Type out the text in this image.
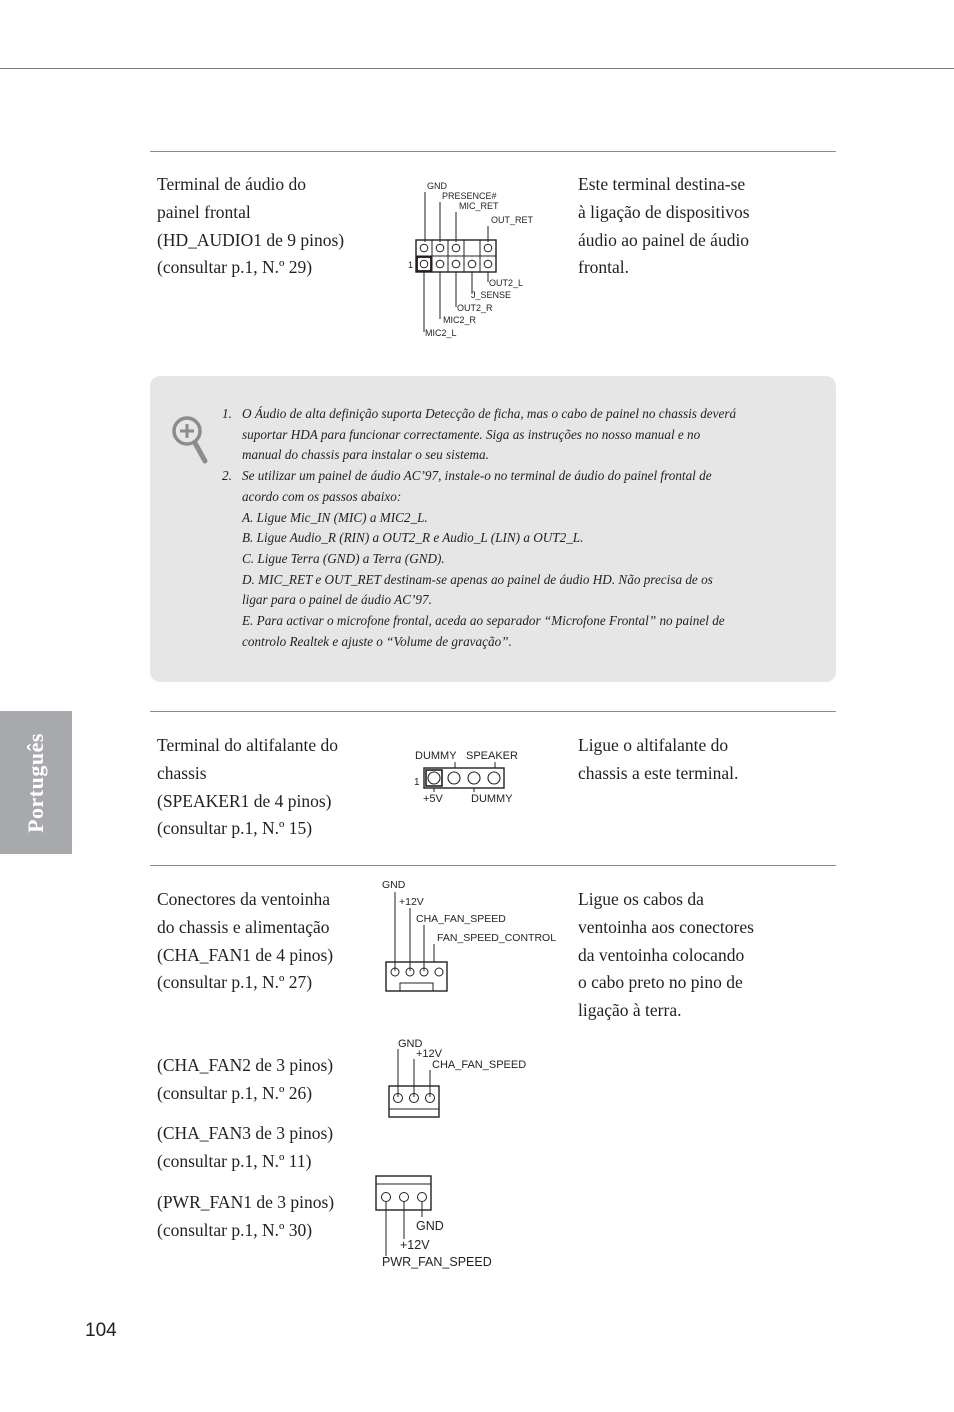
Terminal de áudio do
painel frontal
(HD_AUDIO1 de 9 pinos)
(consultar p.1, N.º 29)
GND
PRESENCE#
MIC_RET
OUT_RET
1
OUT2_L
J_SENSE
OUT2_R
MIC2_R
MIC2_L
Este terminal destina-se
à ligação de dispositivos
áudio ao painel de áudio
frontal.
1. O Áudio de alta definição suporta Detecção de ficha, mas o cabo de painel no chassis deverá
suportar HDA para funcionar correctamente. Siga as instruções no nosso manual e no
manual do chassis para instalar o seu sistema.
2. Se utilizar um painel de áudio AC’97, instale-o no terminal de áudio do painel frontal de
acordo com os passos abaixo:
A. Ligue Mic_IN (MIC) a MIC2_L.
B. Ligue Audio_R (RIN) a OUT2_R e Audio_L (LIN) a OUT2_L.
C. Ligue Terra (GND) a Terra (GND).
D. MIC_RET e OUT_RET destinam-se apenas ao painel de áudio HD. Não precisa de os
ligar para o painel de áudio AC’97.
E. Para activar o microfone frontal, aceda ao separador “Microfone Frontal” no painel de
controlo Realtek e ajuste o “Volume de gravação”.
Terminal do altifalante do
chassis
(SPEAKER1 de 4 pinos)
(consultar p.1, N.º 15)
DUMMY SPEAKER
1
+5V	DUMMY
Ligue o altifalante do
chassis a este terminal.
Conectores da ventoinha
do chassis e alimentação
(CHA_FAN1 de 4 pinos)
(consultar p.1, N.º 27)
GND
+12V
CHA_FAN_SPEED
FAN_SPEED_CONTROL
Ligue os cabos da
ventoinha aos conectores
da ventoinha colocando
o cabo preto no pino de
ligação à terra.
(CHA_FAN2 de 3 pinos)
(consultar p.1, N.º 26)
GND
+12V
CHA_FAN_SPEED
(CHA_FAN3 de 3 pinos)
(consultar p.1, N.º 11)
(PWR_FAN1 de 3 pinos)
(consultar p.1, N.º 30)	GND
+12V
PWR_FAN_SPEED
Português
104
